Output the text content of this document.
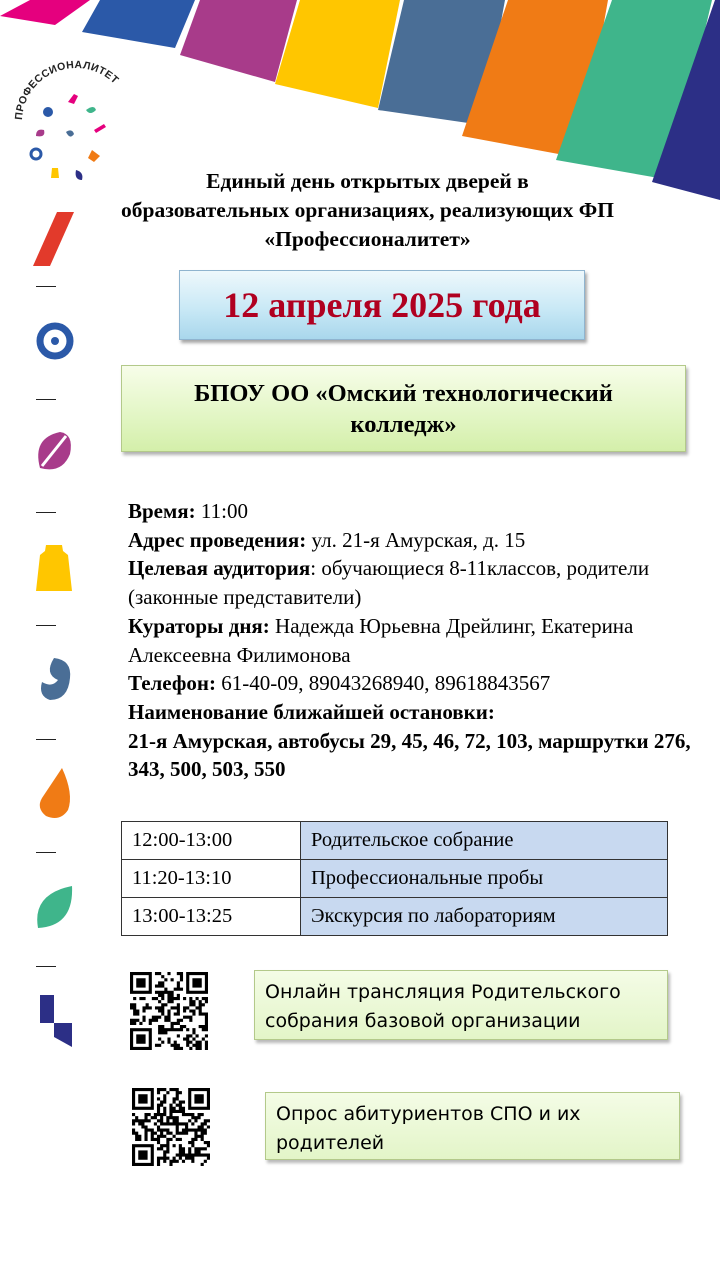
ПРОФЕССИОНАЛИТЕТ
Единый день открытых дверей в образовательных организациях, реализующих ФП «Профессионалитет»
12 апреля 2025 года
БПОУ ОО «Омский технологический колледж»
Время: 11:00
Адрес проведения: ул. 21-я Амурская, д. 15
Целевая аудитория: обучающиеся 8-11классов, родители (законные представители)
Кураторы дня: Надежда Юрьевна Дрейлинг, Екатерина Алексеевна Филимонова
Телефон: 61-40-09, 89043268940, 89618843567
Наименование ближайшей остановки:
21-я Амурская, автобусы 29, 45, 46, 72, 103, маршрутки 276, 343, 500, 503, 550
12:00-13:00	Родительское собрание
11:20-13:10	Профессиональные пробы
13:00-13:25	Экскурсия по лабораториям
Онлайн трансляция Родительского собрания базовой организации
Опрос абитуриентов СПО и их родителей
